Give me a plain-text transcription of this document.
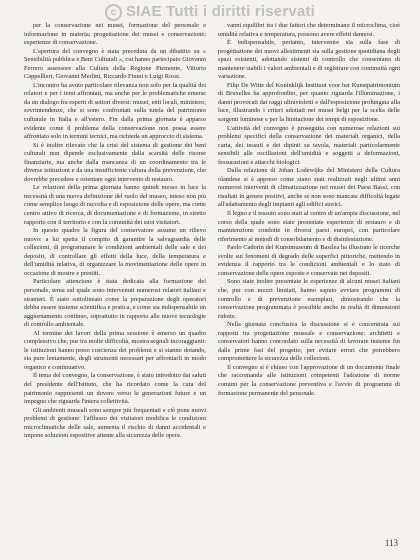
c SIAE Tutti i diritti riservati

per la conservazione nei musei, formazione del personale e informazione in materia; progettazione dei musei e conservazione; esperienze di conservazione.

L'apertura del convegno è stata preceduta da un dibattito su « Sensibilità pubblica e Beni Culturali », cui hanno partecipato Giovanni Ferrero assessore alla Cultura della Regione Piemonte, Vittorio Cappellieri, Giovanni Merlini, Riccardo Fiumi e Luigi Rossi.

L'incontro ha avuto particolare rilevanza non solo per la qualità dei relatori e per i temi affrontati, ma anche per le problematiche emerse da un dialogo fra esperti di settori diversi: musei, enti locali, ministero, sovrintendenze, che si sono confrontati sulla tutela del patrimonio culturale in Italia e all'estero. Fin dalla prima giornata è apparso evidente come il problema della conservazione non possa essere affrontato solo in termini tecnici, ma richieda un approccio di sistema.

Si è inoltre rilevato che la crisi del sistema di gestione dei beni culturali non dipende esclusivamente dalla scarsità delle risorse finanziarie, ma anche dalla mancanza di un coordinamento tra le diverse istituzioni e da una insufficiente cultura della prevenzione, che dovrebbe precedere e orientare ogni intervento di restauro.

Le relazioni della prima giornata hanno quindi messo in luce la necessità di una nuova definizione del ruolo del museo, inteso non più come semplice luogo di raccolta e di esposizione delle opere, ma come centro attivo di ricerca, di documentazione e di formazione, in stretto rapporto con il territorio e con la comunità dei suoi visitatori.

In questo quadro la figura del conservatore assume un rilievo nuovo: a lui spetta il compito di garantire la salvaguardia delle collezioni, di programmare le condizioni ambientali delle sale e dei depositi, di controllare gli effetti della luce, della temperatura e dell'umidità relativa, di organizzare la movimentazione delle opere in occasione di mostre e prestiti.

Particolare attenzione è stata dedicata alla formazione del personale, tema sul quale sono intervenuti numerosi relatori italiani e stranieri. È stato sottolineato come la preparazione degli operatori debba essere insieme scientifica e pratica, e come sia indispensabile un aggiornamento continuo, soprattutto in rapporto alle nuove tecnologie di controllo ambientale.

Al termine dei lavori della prima sessione è emerso un quadro complessivo che, pur tra molte difficoltà, mostra segnali incoraggianti: le istituzioni hanno preso coscienza dei problemi e si stanno dotando, sia pure lentamente, degli strumenti necessari per affrontarli in modo organico e continuativo.

Il tema del convegno, la conservazione, è stato introdotto dai saluti del presidente dell'Istituto, che ha ricordato come la cura del patrimonio rappresenti un dovere verso le generazioni future e un impegno che riguarda l'intera collettività.

Gli ambienti museali sono sempre più frequentati e ciò pone nuovi problemi di gestione: l'afflusso dei visitatori modifica le condizioni microclimatiche delle sale, aumenta il rischio di danni accidentali e impone soluzioni espositive attente alla sicurezza delle opere.

vanni equilibri tra i due fattori che determinano il microclima, cioè umidità relativa e temperatura, possono avere effetti dannosi.

È indispensabile, pertanto, intervenire sia sulla fase di progettazione dei nuovi allestimenti sia sulla gestione quotidiana degli spazi esistenti, adottando sistemi di controllo che consentano di mantenere stabili i valori ambientali e di registrare con continuità ogni variazione.

Filip De Witte del Koninklijk Instituut voor het Kunstpatrimonium di Bruxelles ha approfondito, per quanto riguarda l'illuminazione, i danni provocati dai raggi ultravioletti e dall'esposizione prolungata alla luce, illustrando i criteri adottati nei musei belgi per la scelta delle sorgenti luminose e per la limitazione dei tempi di esposizione.

L'attività del convegno è proseguita con numerose relazioni sui problemi specifici della conservazione dei materiali organici, della carta, dei tessuti e dei dipinti su tavola, materiali particolarmente sensibili alle oscillazioni dell'umidità e soggetti a deformazioni, fessurazioni e attacchi biologici.

Dalla relazione di Johan Lodewijks del Ministero della Cultura olandese si è appreso come siano stati realizzati negli ultimi anni numerosi interventi di climatizzazione nei musei dei Paesi Bassi, con risultati in genere positivi, anche se non sono mancate difficoltà legate all'adattamento degli impianti agli edifici storici.

Il legno e il tessuto sono stati al centro di un'ampia discussione, nel corso della quale sono state presentate esperienze di restauro e di manutenzione condotte in diversi paesi europei, con particolare riferimento ai metodi di consolidamento e di disinfestazione.

Paolo Cadorin del Kunstmuseum di Basilea ha illustrato le ricerche svolte sui fenomeni di degrado delle superfici pittoriche, mettendo in evidenza il rapporto tra le condizioni ambientali e lo stato di conservazione delle opere esposte e conservate nei depositi.

Sono state inoltre presentate le esperienze di alcuni musei italiani che, pur con mezzi limitati, hanno saputo avviare programmi di controllo e di prevenzione esemplari, dimostrando che la conservazione programmata è possibile anche in realtà di dimensioni ridotte.

Nella giornata conclusiva la discussione si è concentrata sui rapporti tra progettazione museale e conservazione: architetti e conservatori hanno concordato sulla necessità di lavorare insieme fin dalle prime fasi del progetto, per evitare errori che potrebbero compromettere la sicurezza delle collezioni.

Il convegno si è chiuso con l'approvazione di un documento finale che raccomanda alle istituzioni competenti l'adozione di norme comuni per la conservazione preventiva e l'avvio di programmi di formazione permanente del personale.

113
